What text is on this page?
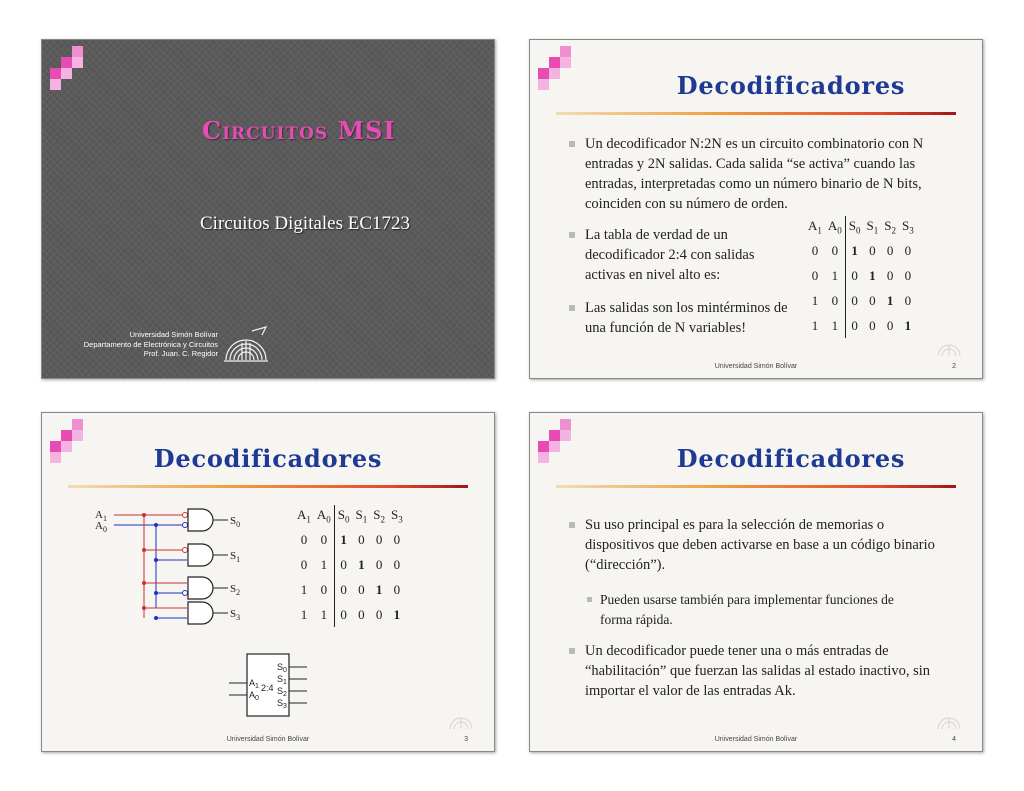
Circuitos MSI
Circuitos Digitales EC1723
Universidad Simón Bolívar
Departamento de Electrónica y Circuitos
Prof. Juan. C. Regidor
Decodificadores
Un decodificador N:2N es un circuito combinatorio con N entradas y 2N salidas. Cada salida “se activa” cuando las entradas, interpretadas como un número binario de N bits, coinciden con su número de orden.
La tabla de verdad de un decodificador 2:4 con salidas activas en nivel alto es:
Las salidas son los mintérminos de una función de N variables!
$A_1$	$A_0$	$S_0$	$S_1$	$S_2$	$S_3$
0	0	1	0	0	0
0	1	0	1	0	0
1	0	0	0	1	0
1	1	0	0	0	1
Universidad Simón Bolívar	2
Decodificadores
$A_1$
$A_0$
$S_0$
$S_1$
$S_2$
$S_3$
$A_1$	$A_0$	$S_0$	$S_1$	$S_2$	$S_3$
0	0	1	0	0	0
0	1	0	1	0	0
1	0	0	0	1	0
1	1	0	0	0	1
$A_1$
$A_0$
2:4
$S_0$
$S_1$
$S_2$
$S_3$
Universidad Simón Bolívar	3
Decodificadores
Su uso principal es para la selección de memorias o dispositivos que deben activarse en base a un código binario (“dirección”).
Pueden usarse también para implementar funciones de forma rápida.
Un decodificador puede tener una o más entradas de “habilitación” que fuerzan las salidas al estado inactivo, sin importar el valor de las entradas Ak.
Universidad Simón Bolívar	4
